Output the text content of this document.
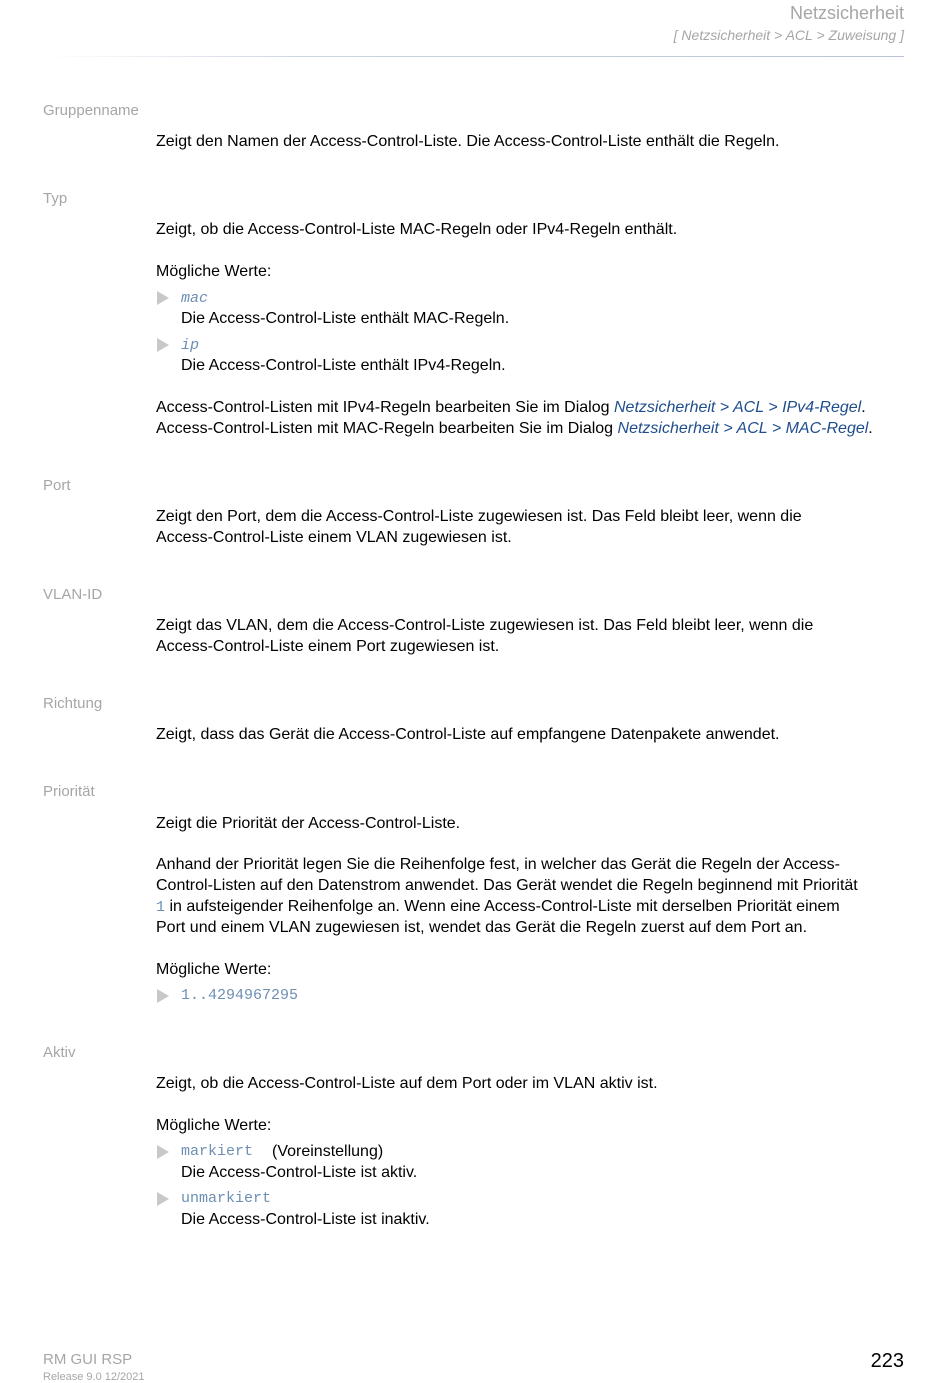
Netzsicherheit
[ Netzsicherheit > ACL > Zuweisung ]
Gruppenname
Zeigt den Namen der Access-Control-Liste. Die Access-Control-Liste enthält die Regeln.
Typ
Zeigt, ob die Access-Control-Liste MAC-Regeln oder IPv4-Regeln enthält.
Mögliche Werte:
mac
Die Access-Control-Liste enthält MAC-Regeln.
ip
Die Access-Control-Liste enthält IPv4-Regeln.
Access-Control-Listen mit IPv4-Regeln bearbeiten Sie im Dialog Netzsicherheit > ACL > IPv4-Regel.
Access-Control-Listen mit MAC-Regeln bearbeiten Sie im Dialog Netzsicherheit > ACL > MAC-Regel.
Port
Zeigt den Port, dem die Access-Control-Liste zugewiesen ist. Das Feld bleibt leer, wenn die
Access-Control-Liste einem VLAN zugewiesen ist.
VLAN-ID
Zeigt das VLAN, dem die Access-Control-Liste zugewiesen ist. Das Feld bleibt leer, wenn die
Access-Control-Liste einem Port zugewiesen ist.
Richtung
Zeigt, dass das Gerät die Access-Control-Liste auf empfangene Datenpakete anwendet.
Priorität
Zeigt die Priorität der Access-Control-Liste.
Anhand der Priorität legen Sie die Reihenfolge fest, in welcher das Gerät die Regeln der Access-
Control-Listen auf den Datenstrom anwendet. Das Gerät wendet die Regeln beginnend mit Priorität
1 in aufsteigender Reihenfolge an. Wenn eine Access-Control-Liste mit derselben Priorität einem
Port und einem VLAN zugewiesen ist, wendet das Gerät die Regeln zuerst auf dem Port an.
Mögliche Werte:
1..4294967295
Aktiv
Zeigt, ob die Access-Control-Liste auf dem Port oder im VLAN aktiv ist.
Mögliche Werte:
markiert (Voreinstellung)
Die Access-Control-Liste ist aktiv.
unmarkiert
Die Access-Control-Liste ist inaktiv.
RM GUI RSP
Release 9.0 12/2021
223
